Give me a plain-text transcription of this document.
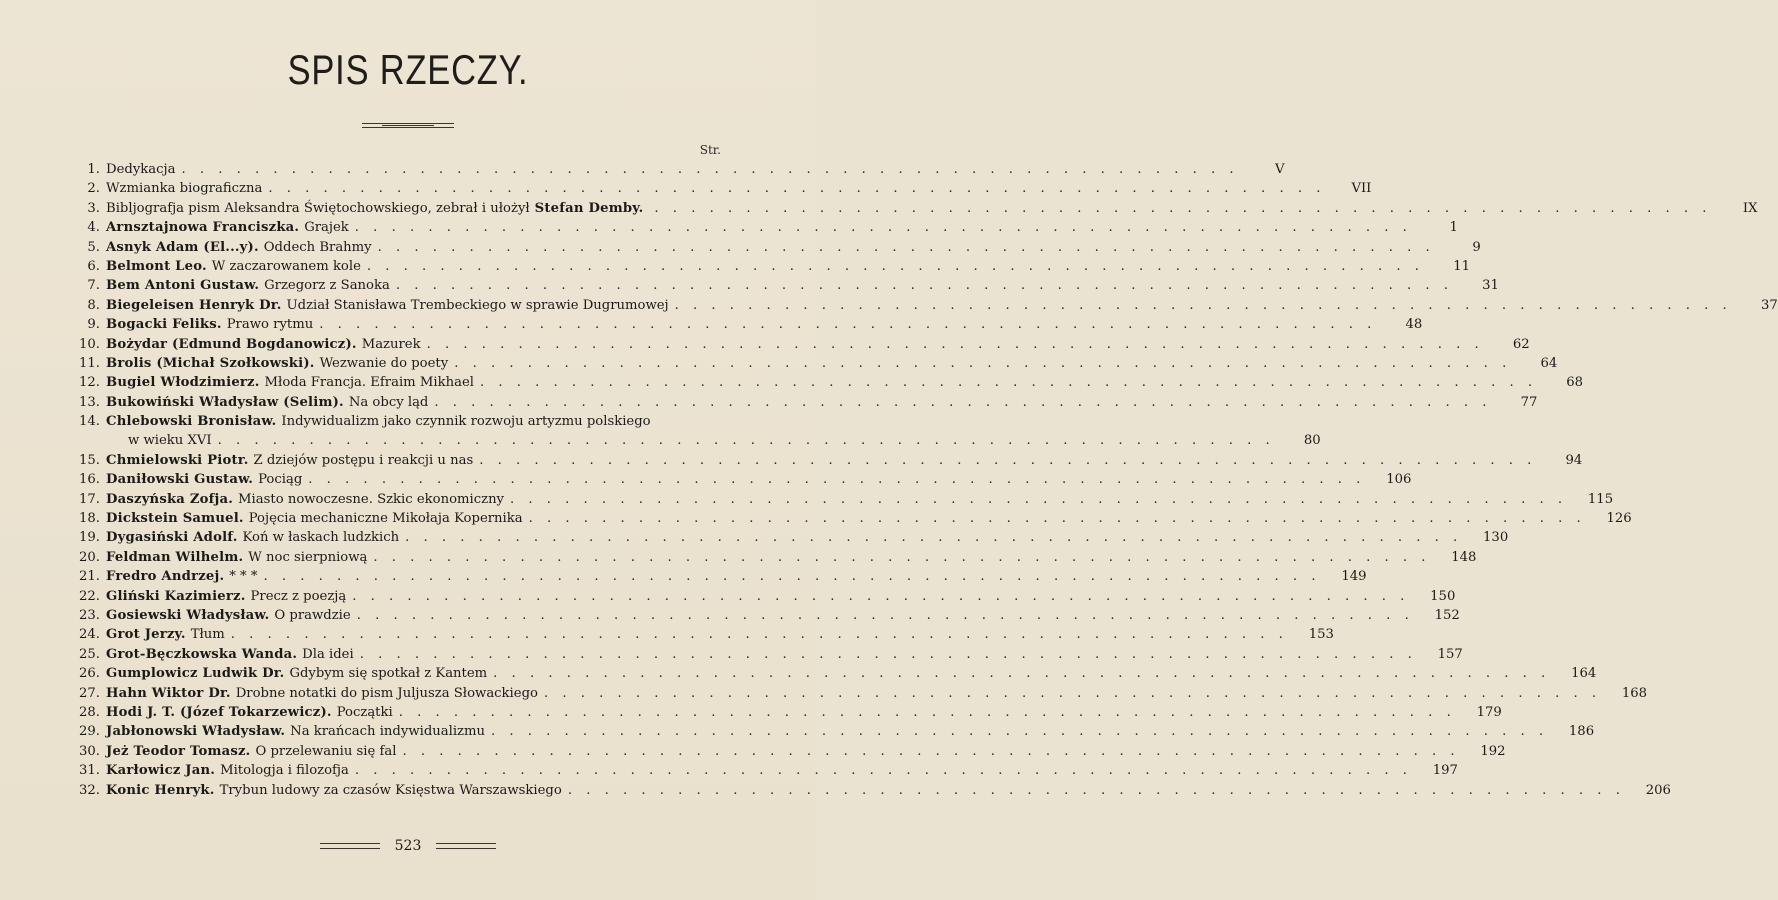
SPIS RZECZY.
Str.
1. Dedykacja . . .	V
2. Wzmianka biograficzna . . .	VII
3. Bibljografja pism Aleksandra Świętochowskiego, zebrał i ułożył Stefan Demby. . . .	IX
4. Arnsztajnowa Franciszka. Grajek . . .	1
5. Asnyk Adam (El...y). Oddech Brahmy . . .	9
6. Belmont Leo. W zaczarowanem kole . . .	11
7. Bem Antoni Gustaw. Grzegorz z Sanoka . . .	31
8. Biegeleisen Henryk Dr. Udział Stanisława Trembeckiego w sprawie Dugrumowej . . .	37
9. Bogacki Feliks. Prawo rytmu . . .	48
10. Bożydar (Edmund Bogdanowicz). Mazurek . . .	62
11. Brolis (Michał Szołkowski). Wezwanie do poety . . .	64
12. Bugiel Włodzimierz. Młoda Francja. Efraim Mikhael . . .	68
13. Bukowiński Władysław (Selim). Na obcy ląd . . .	77
14. Chlebowski Bronisław. Indywidualizm jako czynnik rozwoju artyzmu polskiego
w wieku XVI . . .	80
15. Chmielowski Piotr. Z dziejów postępu i reakcji u nas . . .	94
16. Daniłowski Gustaw. Pociąg . . .	106
17. Daszyńska Zofja. Miasto nowoczesne. Szkic ekonomiczny . . .	115
18. Dickstein Samuel. Pojęcia mechaniczne Mikołaja Kopernika . . .	126
19. Dygasiński Adolf. Koń w łaskach ludzkich . . .	130
20. Feldman Wilhelm. W noc sierpniową . . .	148
21. Fredro Andrzej. * * * . . .	149
22. Gliński Kazimierz. Precz z poezją . . .	150
23. Gosiewski Władysław. O prawdzie . . .	152
24. Grot Jerzy. Tłum . . .	153
25. Grot-Bęczkowska Wanda. Dla idei . . .	157
26. Gumplowicz Ludwik Dr. Gdybym się spotkał z Kantem . . .	164
27. Hahn Wiktor Dr. Drobne notatki do pism Juljusza Słowackiego . . .	168
28. Hodi J. T. (Józef Tokarzewicz). Początki . . .	179
29. Jabłonowski Władysław. Na krańcach indywidualizmu . . .	186
30. Jeż Teodor Tomasz. O przelewaniu się fal . . .	192
31. Karłowicz Jan. Mitologja i filozofja . . .	197
32. Konic Henryk. Trybun ludowy za czasów Księstwa Warszawskiego . . .	206
523
